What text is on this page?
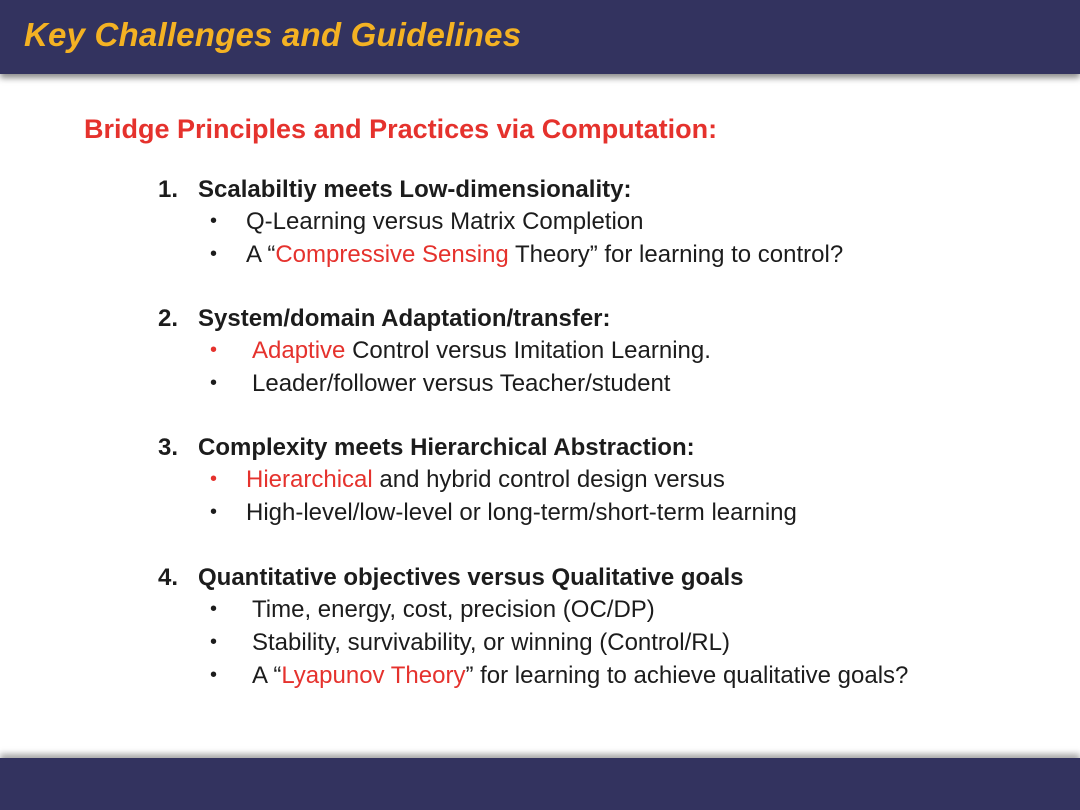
Key Challenges and Guidelines
Bridge Principles and Practices via Computation:
1. Scalabiltiy meets Low-dimensionality:
• Q-Learning versus Matrix Completion
• A “Compressive Sensing Theory” for learning to control?
2. System/domain Adaptation/transfer:
• Adaptive Control versus Imitation Learning.
• Leader/follower versus Teacher/student
3. Complexity meets Hierarchical Abstraction:
• Hierarchical and hybrid control design versus
• High-level/low-level or long-term/short-term learning
4. Quantitative objectives versus Qualitative goals
• Time, energy, cost, precision (OC/DP)
• Stability, survivability, or winning (Control/RL)
• A “Lyapunov Theory” for learning to achieve qualitative goals?
